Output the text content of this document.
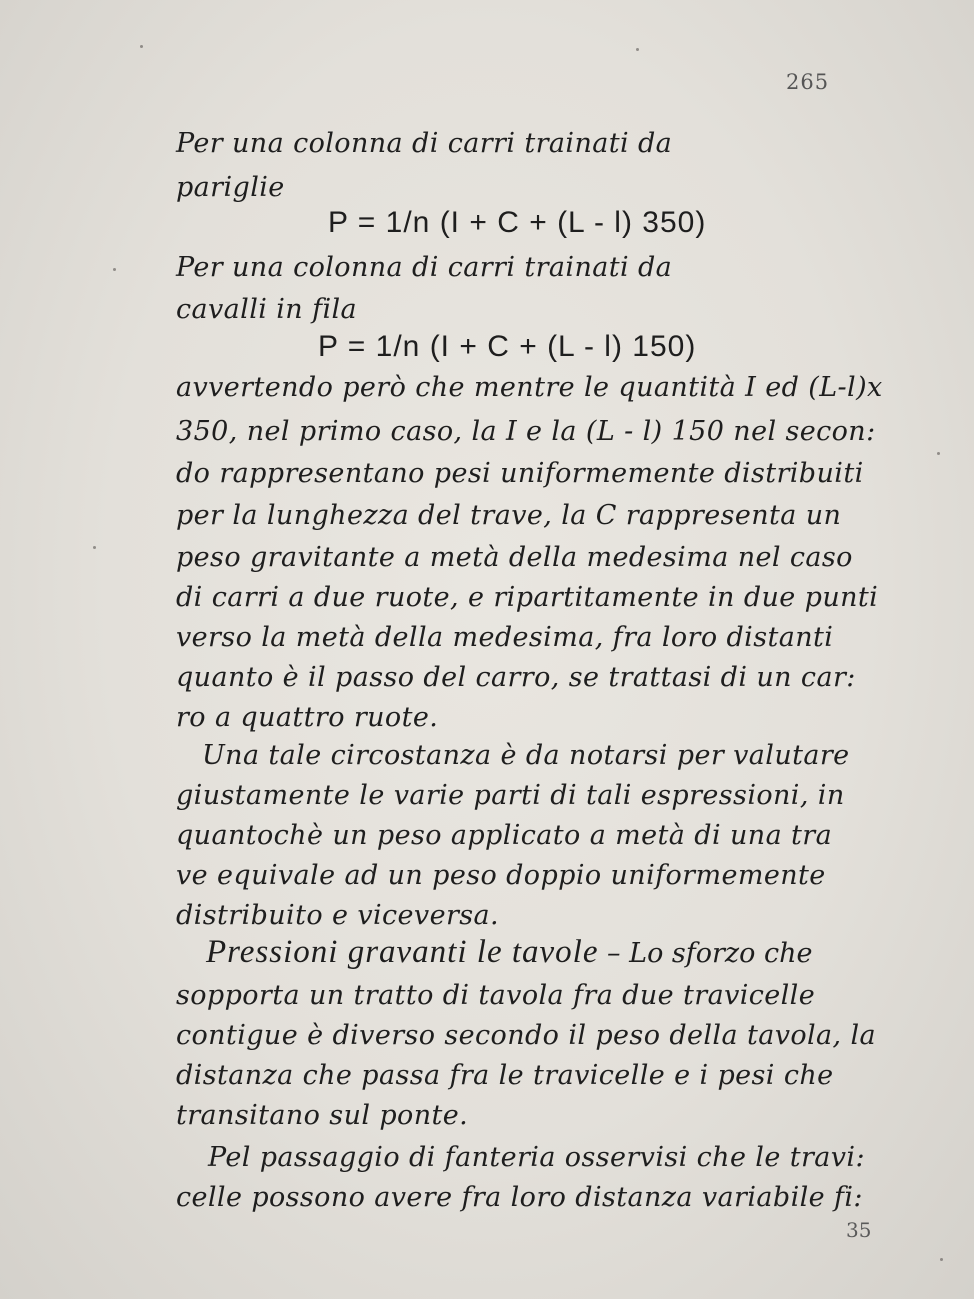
265
Per una colonna di carri trainati da
pariglie
P = 1/n (I + C + (L - l) 350)
Per una colonna di carri trainati da
cavalli in fila
P = 1/n (I + C + (L - l) 150)
avvertendo però che mentre le quantità I ed (L-l)x
350, nel primo caso, la I e la (L - l) 150 nel secon:
do rappresentano pesi uniformemente distribuiti
per la lunghezza del trave, la C rappresenta un
peso gravitante a metà della medesima nel caso
di carri a due ruote, e ripartitamente in due punti
verso la metà della medesima, fra loro distanti
quanto è il passo del carro, se trattasi di un car:
ro a quattro ruote.
Una tale circostanza è da notarsi per valutare
giustamente le varie parti di tali espressioni, in
quantochè un peso applicato a metà di una tra
ve equivale ad un peso doppio uniformemente
distribuito e viceversa.
Pressioni gravanti le tavole – Lo sforzo che
sopporta un tratto di tavola fra due travicelle
contigue è diverso secondo il peso della tavola, la
distanza che passa fra le travicelle e i pesi che
transitano sul ponte.
Pel passaggio di fanteria osservisi che le travi:
celle possono avere fra loro distanza variabile fi:
35
